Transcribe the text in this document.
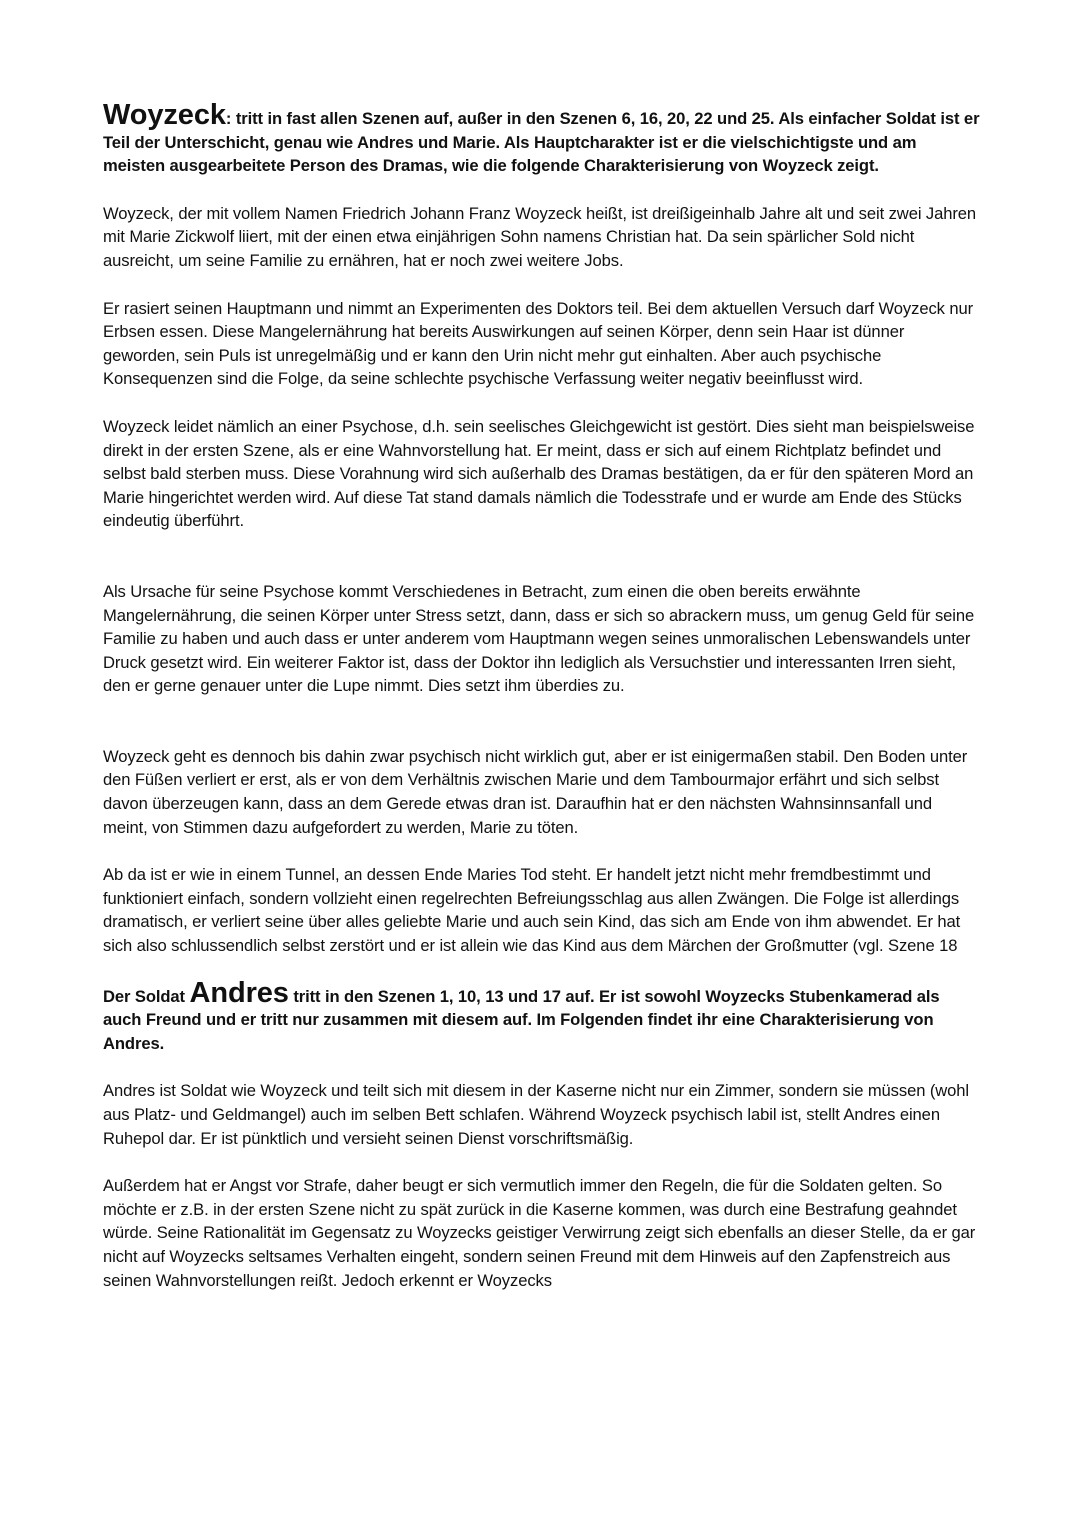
Woyzeck: tritt in fast allen Szenen auf, außer in den Szenen 6, 16, 20, 22 und 25. Als einfacher Soldat ist er Teil der Unterschicht, genau wie Andres und Marie. Als Hauptcharakter ist er die vielschichtigste und am meisten ausgearbeitete Person des Dramas, wie die folgende Charakterisierung von Woyzeck zeigt.

Woyzeck, der mit vollem Namen Friedrich Johann Franz Woyzeck heißt, ist dreißigeinhalb Jahre alt und seit zwei Jahren mit Marie Zickwolf liiert, mit der einen etwa einjährigen Sohn namens Christian hat. Da sein spärlicher Sold nicht ausreicht, um seine Familie zu ernähren, hat er noch zwei weitere Jobs.

Er rasiert seinen Hauptmann und nimmt an Experimenten des Doktors teil. Bei dem aktuellen Versuch darf Woyzeck nur Erbsen essen. Diese Mangelernährung hat bereits Auswirkungen auf seinen Körper, denn sein Haar ist dünner geworden, sein Puls ist unregelmäßig und er kann den Urin nicht mehr gut einhalten. Aber auch psychische Konsequenzen sind die Folge, da seine schlechte psychische Verfassung weiter negativ beeinflusst wird.

Woyzeck leidet nämlich an einer Psychose, d.h. sein seelisches Gleichgewicht ist gestört. Dies sieht man beispielsweise direkt in der ersten Szene, als er eine Wahnvorstellung hat. Er meint, dass er sich auf einem Richtplatz befindet und selbst bald sterben muss. Diese Vorahnung wird sich außerhalb des Dramas bestätigen, da er für den späteren Mord an Marie hingerichtet werden wird. Auf diese Tat stand damals nämlich die Todesstrafe und er wurde am Ende des Stücks eindeutig überführt.

Als Ursache für seine Psychose kommt Verschiedenes in Betracht, zum einen die oben bereits erwähnte Mangelernährung, die seinen Körper unter Stress setzt, dann, dass er sich so abrackern muss, um genug Geld für seine Familie zu haben und auch dass er unter anderem vom Hauptmann wegen seines unmoralischen Lebenswandels unter Druck gesetzt wird. Ein weiterer Faktor ist, dass der Doktor ihn lediglich als Versuchstier und interessanten Irren sieht, den er gerne genauer unter die Lupe nimmt. Dies setzt ihm überdies zu.

Woyzeck geht es dennoch bis dahin zwar psychisch nicht wirklich gut, aber er ist einigermaßen stabil. Den Boden unter den Füßen verliert er erst, als er von dem Verhältnis zwischen Marie und dem Tambourmajor erfährt und sich selbst davon überzeugen kann, dass an dem Gerede etwas dran ist. Daraufhin hat er den nächsten Wahnsinnsanfall und meint, von Stimmen dazu aufgefordert zu werden, Marie zu töten.

Ab da ist er wie in einem Tunnel, an dessen Ende Maries Tod steht. Er handelt jetzt nicht mehr fremdbestimmt und funktioniert einfach, sondern vollzieht einen regelrechten Befreiungsschlag aus allen Zwängen. Die Folge ist allerdings dramatisch, er verliert seine über alles geliebte Marie und auch sein Kind, das sich am Ende von ihm abwendet. Er hat sich also schlussendlich selbst zerstört und er ist allein wie das Kind aus dem Märchen der Großmutter (vgl. Szene 18

Der Soldat Andres tritt in den Szenen 1, 10, 13 und 17 auf. Er ist sowohl Woyzecks Stubenkamerad als auch Freund und er tritt nur zusammen mit diesem auf. Im Folgenden findet ihr eine Charakterisierung von Andres.

Andres ist Soldat wie Woyzeck und teilt sich mit diesem in der Kaserne nicht nur ein Zimmer, sondern sie müssen (wohl aus Platz- und Geldmangel) auch im selben Bett schlafen. Während Woyzeck psychisch labil ist, stellt Andres einen Ruhepol dar. Er ist pünktlich und versieht seinen Dienst vorschriftsmäßig.

Außerdem hat er Angst vor Strafe, daher beugt er sich vermutlich immer den Regeln, die für die Soldaten gelten. So möchte er z.B. in der ersten Szene nicht zu spät zurück in die Kaserne kommen, was durch eine Bestrafung geahndet würde. Seine Rationalität im Gegensatz zu Woyzecks geistiger Verwirrung zeigt sich ebenfalls an dieser Stelle, da er gar nicht auf Woyzecks seltsames Verhalten eingeht, sondern seinen Freund mit dem Hinweis auf den Zapfenstreich aus seinen Wahnvorstellungen reißt. Jedoch erkennt er Woyzecks
